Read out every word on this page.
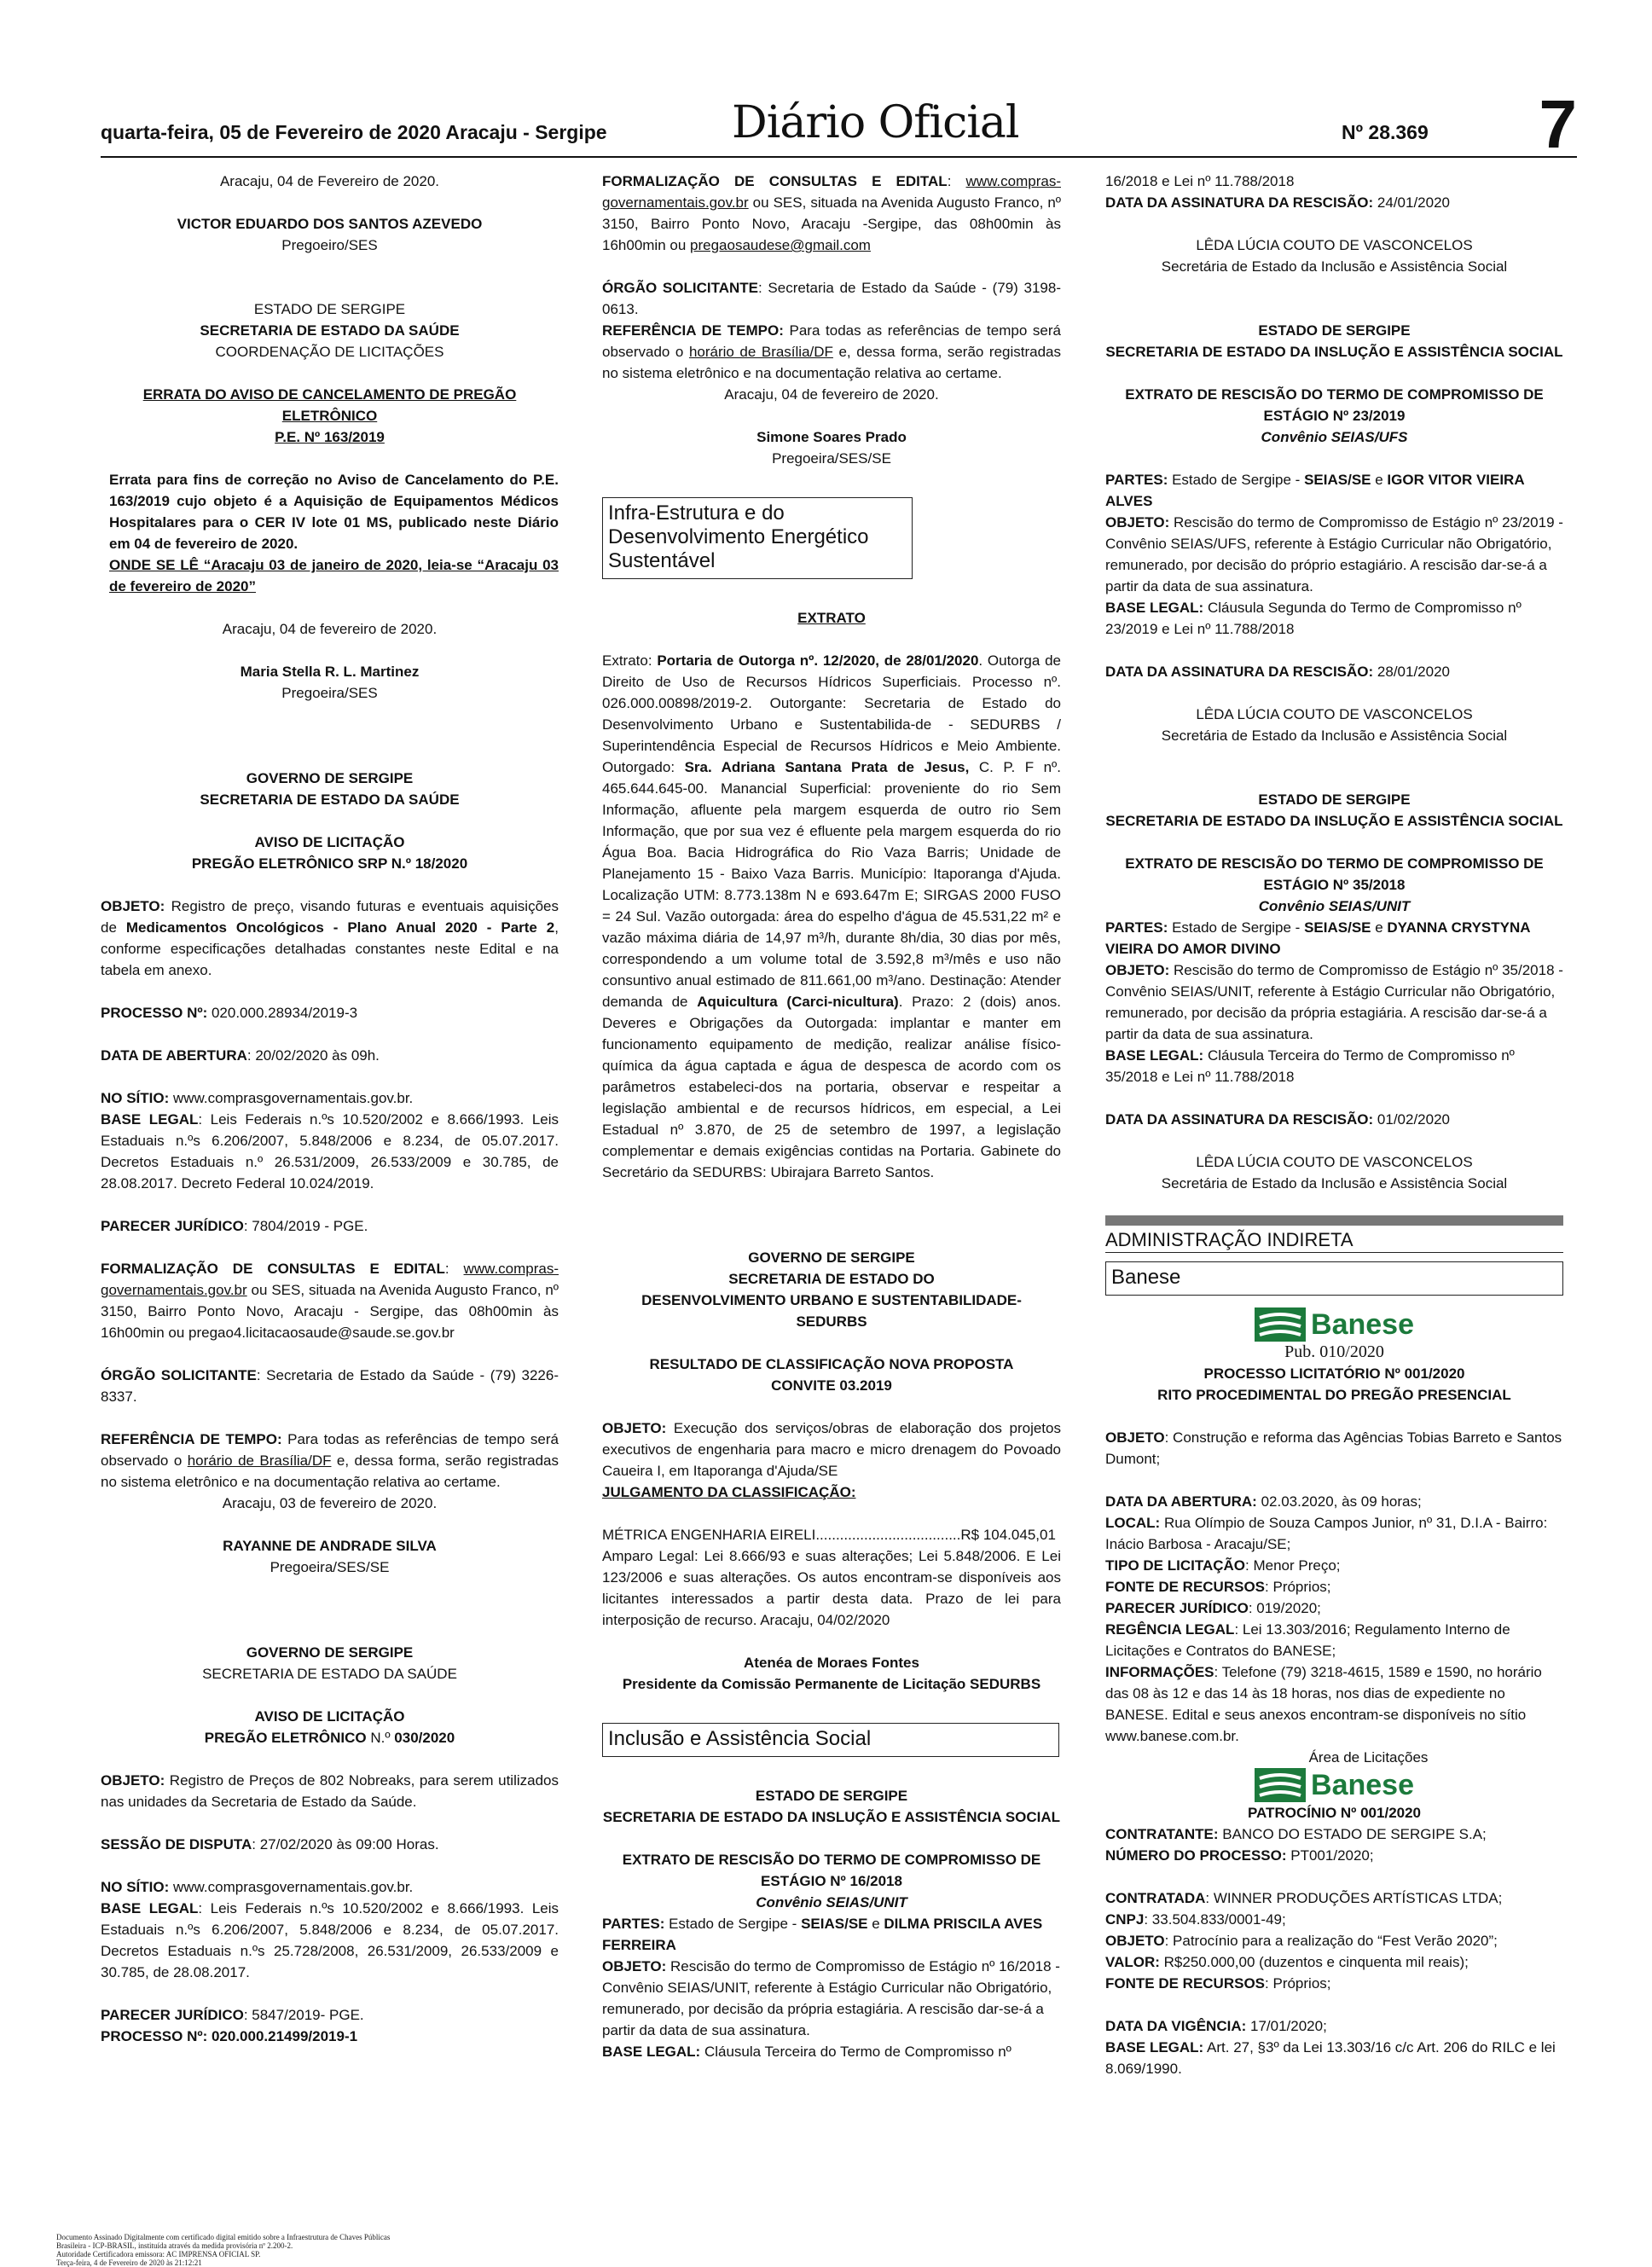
quarta-feira, 05 de Fevereiro de 2020 Aracaju - Sergipe	Diário Oficial	Nº 28.369 7

Aracaju, 04 de Fevereiro de 2020.

VICTOR EDUARDO DOS SANTOS AZEVEDO

Pregoeiro/SES

ESTADO DE SERGIPE

SECRETARIA DE ESTADO DA SAÚDE

COORDENAÇÃO DE LICITAÇÕES

ERRATA DO AVISO DE CANCELAMENTO DE PREGÃO ELETRÔNICO

P.E. Nº 163/2019

Errata para fins de correção no Aviso de Cancelamento do P.E. 163/2019 cujo objeto é a Aquisição de Equipamentos Médicos Hospitalares para o CER IV lote 01 MS, publicado neste Diário em 04 de fevereiro de 2020.

ONDE SE LÊ “Aracaju 03 de janeiro de 2020, leia-se “Aracaju 03 de fevereiro de 2020”

Aracaju, 04 de fevereiro de 2020.

Maria Stella R. L. Martinez

Pregoeira/SES

GOVERNO DE SERGIPE

SECRETARIA DE ESTADO DA SAÚDE

AVISO DE LICITAÇÃO

PREGÃO ELETRÔNICO SRP N.º 18/2020

OBJETO: Registro de preço, visando futuras e eventuais aquisições de Medicamentos Oncológicos - Plano Anual 2020 - Parte 2, conforme especificações detalhadas constantes neste Edital e na tabela em anexo.

PROCESSO Nº: 020.000.28934/2019-3

DATA DE ABERTURA: 20/02/2020 às 09h.

NO SÍTIO: www.comprasgovernamentais.gov.br.

BASE LEGAL: Leis Federais n.ºs 10.520/2002 e 8.666/1993. Leis Estaduais n.ºs 6.206/2007, 5.848/2006 e 8.234, de 05.07.2017. Decretos Estaduais n.º 26.531/2009, 26.533/2009 e 30.785, de 28.08.2017. Decreto Federal 10.024/2019.

PARECER JURÍDICO: 7804/2019 - PGE.

FORMALIZAÇÃO DE CONSULTAS E EDITAL: www.compras-governamentais.gov.br ou SES, situada na Avenida Augusto Franco, nº 3150, Bairro Ponto Novo, Aracaju - Sergipe, das 08h00min às 16h00min ou pregao4.licitacaosaude@saude.se.gov.br

ÓRGÃO SOLICITANTE: Secretaria de Estado da Saúde - (79) 3226-8337.

REFERÊNCIA DE TEMPO: Para todas as referências de tempo será observado o horário de Brasília/DF e, dessa forma, serão registradas no sistema eletrônico e na documentação relativa ao certame.

Aracaju, 03 de fevereiro de 2020.

RAYANNE DE ANDRADE SILVA

Pregoeira/SES/SE

GOVERNO DE SERGIPE

SECRETARIA DE ESTADO DA SAÚDE

AVISO DE LICITAÇÃO

PREGÃO ELETRÔNICO N.º 030/2020

OBJETO: Registro de Preços de 802 Nobreaks, para serem utilizados nas unidades da Secretaria de Estado da Saúde.

SESSÃO DE DISPUTA: 27/02/2020 às 09:00 Horas.

NO SÍTIO: www.comprasgovernamentais.gov.br.

BASE LEGAL: Leis Federais n.ºs 10.520/2002 e 8.666/1993. Leis Estaduais n.ºs 6.206/2007, 5.848/2006 e 8.234, de 05.07.2017. Decretos Estaduais n.ºs 25.728/2008, 26.531/2009, 26.533/2009 e 30.785, de 28.08.2017.

PARECER JURÍDICO: 5847/2019- PGE.

PROCESSO Nº: 020.000.21499/2019-1

FORMALIZAÇÃO DE CONSULTAS E EDITAL: www.compras-governamentais.gov.br ou SES, situada na Avenida Augusto Franco, nº 3150, Bairro Ponto Novo, Aracaju -Sergipe, das 08h00min às 16h00min ou pregaosaudese@gmail.com

ÓRGÃO SOLICITANTE: Secretaria de Estado da Saúde - (79) 3198-0613.

REFERÊNCIA DE TEMPO: Para todas as referências de tempo será observado o horário de Brasília/DF e, dessa forma, serão registradas no sistema eletrônico e na documentação relativa ao certame.

Aracaju, 04 de fevereiro de 2020.

Simone Soares Prado

Pregoeira/SES/SE

Infra-Estrutura e do Desenvolvimento Energético Sustentável

EXTRATO

Extrato: Portaria de Outorga nº. 12/2020, de 28/01/2020. Outorga de Direito de Uso de Recursos Hídricos Superficiais. Processo nº. 026.000.00898/2019-2. Outorgante: Secretaria de Estado do Desenvolvimento Urbano e Sustentabilida-de - SEDURBS / Superintendência Especial de Recursos Hídricos e Meio Ambiente. Outorgado: Sra. Adriana Santana Prata de Jesus, C. P. F nº. 465.644.645-00. Manancial Superficial: proveniente do rio Sem Informação, afluente pela margem esquerda de outro rio Sem Informação, que por sua vez é efluente pela margem esquerda do rio Água Boa. Bacia Hidrográfica do Rio Vaza Barris; Unidade de Planejamento 15 - Baixo Vaza Barris. Município: Itaporanga d'Ajuda. Localização UTM: 8.773.138m N e 693.647m E; SIRGAS 2000 FUSO = 24 Sul. Vazão outorgada: área do espelho d'água de 45.531,22 m² e vazão máxima diária de 14,97 m³/h, durante 8h/dia, 30 dias por mês, correspondendo a um volume total de 3.592,8 m³/mês e uso não consuntivo anual estimado de 811.661,00 m³/ano. Destinação: Atender demanda de Aquicultura (Carci-nicultura). Prazo: 2 (dois) anos. Deveres e Obrigações da Outorgada: implantar e manter em funcionamento equipamento de medição, realizar análise físico-química da água captada e água de despesca de acordo com os parâmetros estabeleci-dos na portaria, observar e respeitar a legislação ambiental e de recursos hídricos, em especial, a Lei Estadual nº 3.870, de 25 de setembro de 1997, a legislação complementar e demais exigências contidas na Portaria. Gabinete do Secretário da SEDURBS: Ubirajara Barreto Santos.

GOVERNO DE SERGIPE

SECRETARIA DE ESTADO DO

DESENVOLVIMENTO URBANO E SUSTENTABILIDADE-SEDURBS

RESULTADO DE CLASSIFICAÇÃO NOVA PROPOSTA CONVITE 03.2019

OBJETO: Execução dos serviços/obras de elaboração dos projetos executivos de engenharia para macro e micro drenagem do Povoado Caueira I, em Itaporanga d'Ajuda/SE

JULGAMENTO DA CLASSIFICAÇÃO:

MÉTRICA ENGENHARIA EIRELI....................................R$ 104.045,01

Amparo Legal: Lei 8.666/93 e suas alterações; Lei 5.848/2006. E Lei 123/2006 e suas alterações. Os autos encontram-se disponíveis aos licitantes interessados a partir desta data. Prazo de lei para interposição de recurso. Aracaju, 04/02/2020

Atenéa de Moraes Fontes

Presidente da Comissão Permanente de Licitação SEDURBS

Inclusão e Assistência Social

ESTADO DE SERGIPE

SECRETARIA DE ESTADO DA INSLUÇÃO E ASSISTÊNCIA SOCIAL

EXTRATO DE RESCISÃO DO TERMO DE COMPROMISSO DE ESTÁGIO Nº 16/2018

Convênio SEIAS/UNIT

PARTES: Estado de Sergipe - SEIAS/SE e DILMA PRISCILA AVES FERREIRA

OBJETO: Rescisão do termo de Compromisso de Estágio nº 16/2018 - Convênio SEIAS/UNIT, referente à Estágio Curricular não Obrigatório, remunerado, por decisão da própria estagiária. A rescisão dar-se-á a partir da data de sua assinatura.

BASE LEGAL: Cláusula Terceira do Termo de Compromisso nº

16/2018 e Lei nº 11.788/2018

DATA DA ASSINATURA DA RESCISÃO: 24/01/2020

LÊDA LÚCIA COUTO DE VASCONCELOS

Secretária de Estado da Inclusão e Assistência Social

ESTADO DE SERGIPE

SECRETARIA DE ESTADO DA INSLUÇÃO E ASSISTÊNCIA SOCIAL

EXTRATO DE RESCISÃO DO TERMO DE COMPROMISSO DE ESTÁGIO Nº 23/2019

Convênio SEIAS/UFS

PARTES: Estado de Sergipe - SEIAS/SE e IGOR VITOR VIEIRA ALVES

OBJETO: Rescisão do termo de Compromisso de Estágio nº 23/2019 - Convênio SEIAS/UFS, referente à Estágio Curricular não Obrigatório, remunerado, por decisão do próprio estagiário. A rescisão dar-se-á a partir da data de sua assinatura.

BASE LEGAL: Cláusula Segunda do Termo de Compromisso nº 23/2019 e Lei nº 11.788/2018

DATA DA ASSINATURA DA RESCISÃO: 28/01/2020

LÊDA LÚCIA COUTO DE VASCONCELOS

Secretária de Estado da Inclusão e Assistência Social

ESTADO DE SERGIPE

SECRETARIA DE ESTADO DA INSLUÇÃO E ASSISTÊNCIA SOCIAL

EXTRATO DE RESCISÃO DO TERMO DE COMPROMISSO DE ESTÁGIO Nº 35/2018

Convênio SEIAS/UNIT

PARTES: Estado de Sergipe - SEIAS/SE e DYANNA CRYSTYNA VIEIRA DO AMOR DIVINO

OBJETO: Rescisão do termo de Compromisso de Estágio nº 35/2018 - Convênio SEIAS/UNIT, referente à Estágio Curricular não Obrigatório, remunerado, por decisão da própria estagiária. A rescisão dar-se-á a partir da data de sua assinatura.

BASE LEGAL: Cláusula Terceira do Termo de Compromisso nº 35/2018 e Lei nº 11.788/2018

DATA DA ASSINATURA DA RESCISÃO: 01/02/2020

LÊDA LÚCIA COUTO DE VASCONCELOS

Secretária de Estado da Inclusão e Assistência Social

ADMINISTRAÇÃO INDIRETA
Banese
Banese

Pub. 010/2020

PROCESSO LICITATÓRIO Nº 001/2020

RITO PROCEDIMENTAL DO PREGÃO PRESENCIAL

OBJETO: Construção e reforma das Agências Tobias Barreto e Santos Dumont;

DATA DA ABERTURA: 02.03.2020, às 09 horas;

LOCAL: Rua Olímpio de Souza Campos Junior, nº 31, D.I.A - Bairro: Inácio Barbosa - Aracaju/SE;

TIPO DE LICITAÇÃO: Menor Preço;

FONTE DE RECURSOS: Próprios;

PARECER JURÍDICO: 019/2020;

REGÊNCIA LEGAL: Lei 13.303/2016; Regulamento Interno de Licitações e Contratos do BANESE;

INFORMAÇÕES: Telefone (79) 3218-4615, 1589 e 1590, no horário das 08 às 12 e das 14 às 18 horas, nos dias de expediente no BANESE. Edital e seus anexos encontram-se disponíveis no sítio www.banese.com.br.

Área de Licitações

Banese

PATROCÍNIO Nº 001/2020

CONTRATANTE: BANCO DO ESTADO DE SERGIPE S.A;

NÚMERO DO PROCESSO: PT001/2020;

CONTRATADA: WINNER PRODUÇÕES ARTÍSTICAS LTDA;

CNPJ: 33.504.833/0001-49;

OBJETO: Patrocínio para a realização do “Fest Verão 2020”;

VALOR: R$250.000,00 (duzentos e cinquenta mil reais);

FONTE DE RECURSOS: Próprios;

DATA DA VIGÊNCIA: 17/01/2020;

BASE LEGAL: Art. 27, §3º da Lei 13.303/16 c/c Art. 206 do RILC e lei 8.069/1990.

Documento Assinado Digitalmente com certificado digital emitido sobre a Infraestrutura de Chaves Públicas
Brasileira - ICP-BRASIL, instituída através da medida provisória nº 2.200-2.
Autoridade Certificadora emissora: AC IMPRENSA OFICIAL SP.
Terça-feira, 4 de Fevereiro de 2020 às 21:12:21
